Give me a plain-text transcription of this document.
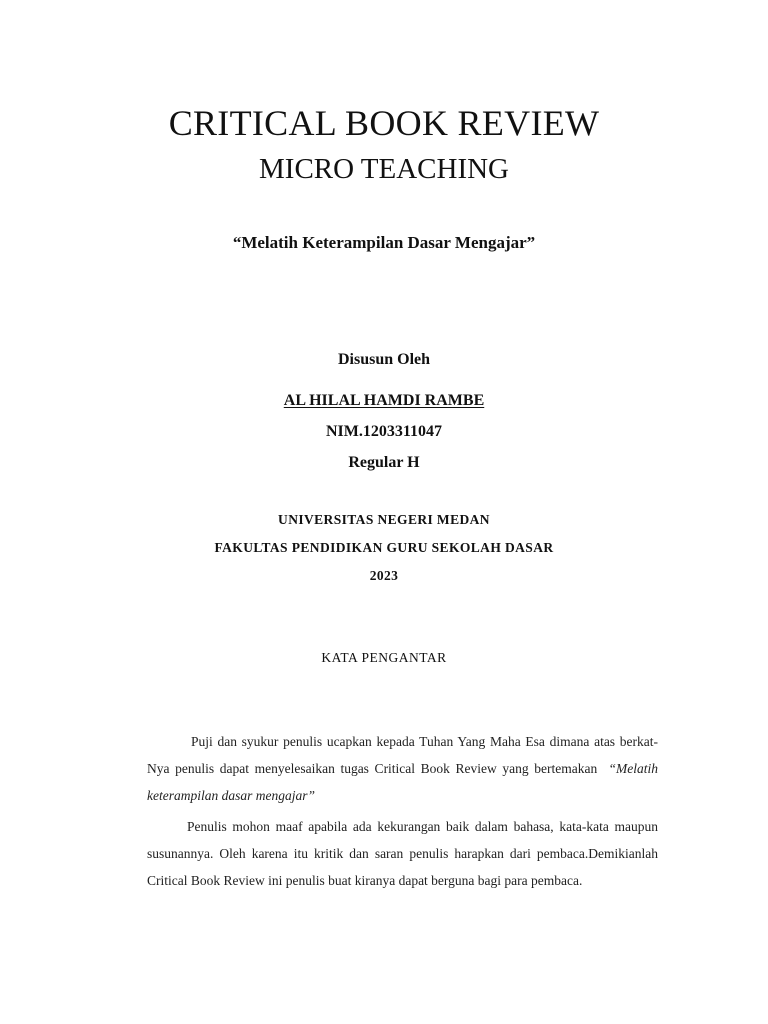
CRITICAL BOOK REVIEW
MICRO TEACHING

“Melatih Keterampilan Dasar Mengajar”

Disusun Oleh

AL HILAL HAMDI RAMBE

NIM.1203311047

Regular H

UNIVERSITAS NEGERI MEDAN

FAKULTAS PENDIDIKAN GURU SEKOLAH DASAR

2023

KATA PENGANTAR

Puji dan syukur penulis ucapkan kepada Tuhan Yang Maha Esa dimana atas berkat-Nya penulis dapat menyelesaikan tugas Critical Book Review yang bertemakan “Melatih keterampilan dasar mengajar”

Penulis mohon maaf apabila ada kekurangan baik dalam bahasa, kata-kata maupun susunannya. Oleh karena itu kritik dan saran penulis harapkan dari pembaca.Demikianlah Critical Book Review ini penulis buat kiranya dapat berguna bagi para pembaca.
